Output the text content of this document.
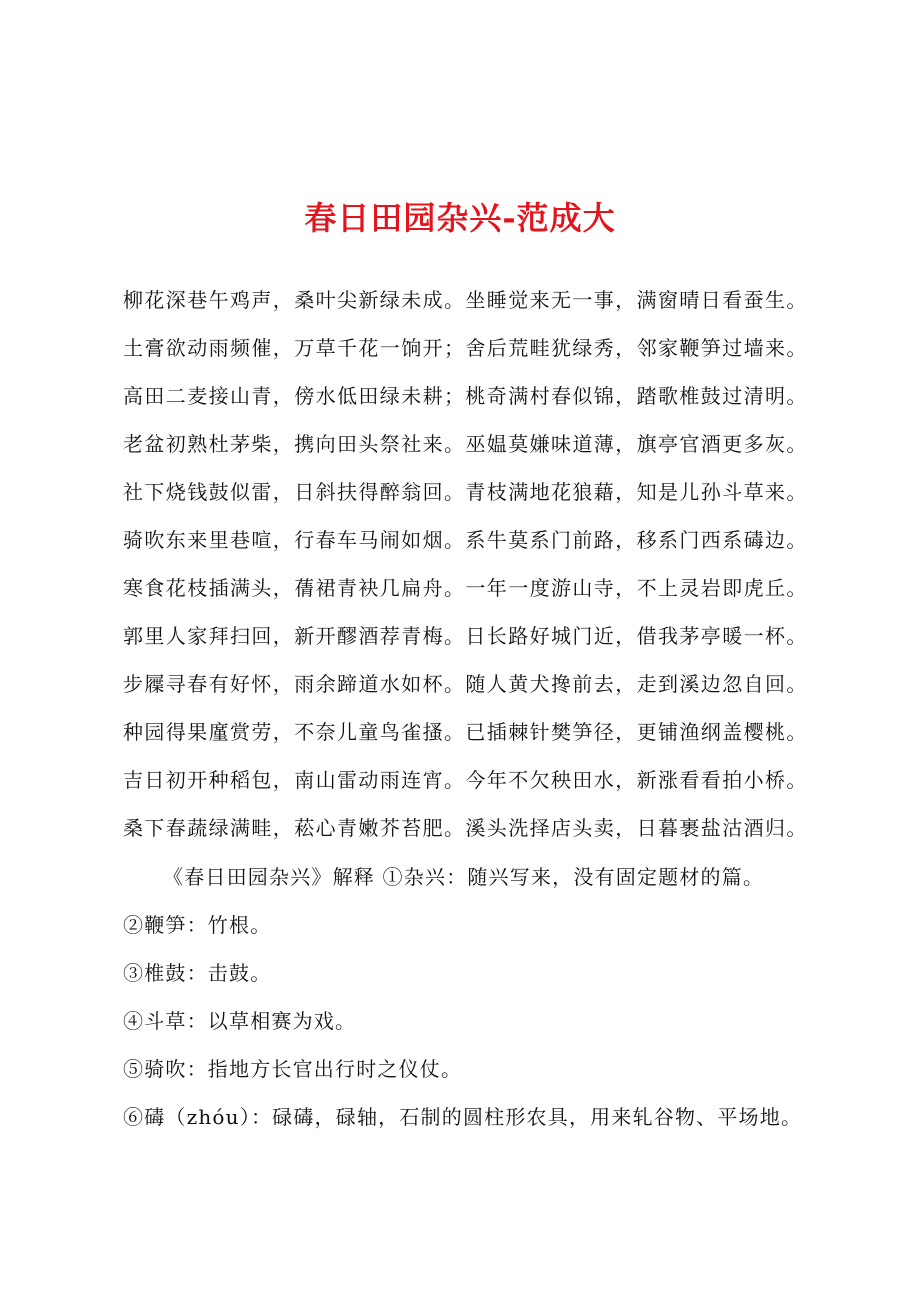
春日田园杂兴-范成大
柳花深巷午鸡声，桑叶尖新绿未成。坐睡觉来无一事，满窗晴日看蚕生。
土膏欲动雨频催，万草千花一饷开；舍后荒畦犹绿秀，邻家鞭笋过墙来。
高田二麦接山青，傍水低田绿未耕；桃奇满村春似锦，踏歌椎鼓过清明。
老盆初熟杜茅柴，携向田头祭社来。巫媪莫嫌味道薄，旗亭官酒更多灰。
社下烧钱鼓似雷，日斜扶得醉翁回。青枝满地花狼藉，知是儿孙斗草来。
骑吹东来里巷喧，行春车马闹如烟。系牛莫系门前路，移系门西系碡边。
寒食花枝插满头，蒨裙青袂几扁舟。一年一度游山寺，不上灵岩即虎丘。
郭里人家拜扫回，新开醪酒荐青梅。日长路好城门近，借我茅亭暖一杯。
步屧寻春有好怀，雨余蹄道水如杯。随人黄犬搀前去，走到溪边忽自回。
种园得果廑赏劳，不奈儿童鸟雀搔。已插棘针樊笋径，更铺渔纲盖樱桃。
吉日初开种稻包，南山雷动雨连宵。今年不欠秧田水，新涨看看拍小桥。
桑下春蔬绿满畦，菘心青嫩芥苔肥。溪头洗择店头卖，日暮裹盐沽酒归。
《春日田园杂兴》解释 ①杂兴：随兴写来，没有固定题材的篇。
②鞭笋：竹根。
③椎鼓：击鼓。
④斗草：以草相赛为戏。
⑤骑吹：指地方长官出行时之仪仗。
⑥碡（zhóu）：碌碡，碌轴，石制的圆柱形农具，用来轧谷物、平场地。
